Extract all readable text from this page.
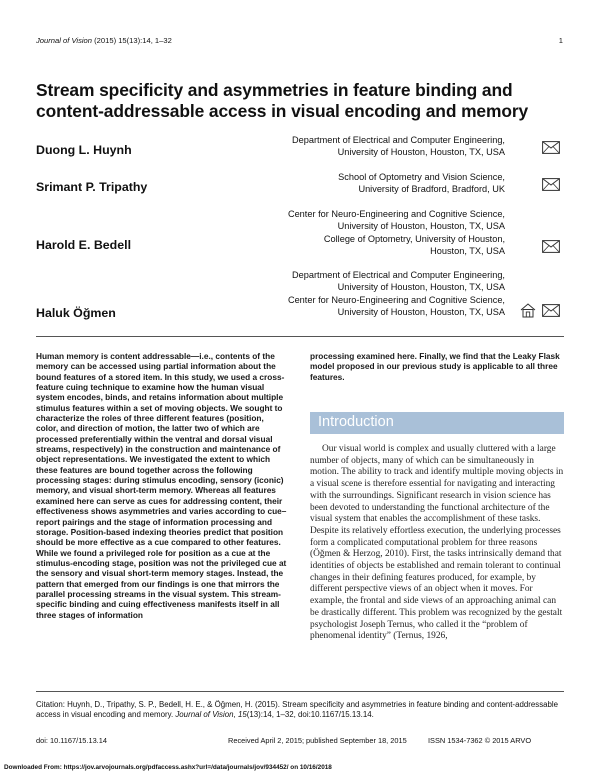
Journal of Vision (2015) 15(13):14, 1–32	1
Stream specificity and asymmetries in feature binding and
content-addressable access in visual encoding and memory
Duong L. Huynh
Department of Electrical and Computer Engineering,
University of Houston, Houston, TX, USA
Srimant P. Tripathy
School of Optometry and Vision Science,
University of Bradford, Bradford, UK
Harold E. Bedell
Center for Neuro-Engineering and Cognitive Science,
University of Houston, Houston, TX, USA
College of Optometry, University of Houston,
Houston, TX, USA
Haluk Öğmen
Department of Electrical and Computer Engineering,
University of Houston, Houston, TX, USA
Center for Neuro-Engineering and Cognitive Science,
University of Houston, Houston, TX, USA
Human memory is content addressable—i.e., contents of the memory can be accessed using partial information about the bound features of a stored item. In this study, we used a cross-feature cuing technique to examine how the human visual system encodes, binds, and retains information about multiple stimulus features within a set of moving objects. We sought to characterize the roles of three different features (position, color, and direction of motion, the latter two of which are processed preferentially within the ventral and dorsal visual streams, respectively) in the construction and maintenance of object representations. We investigated the extent to which these features are bound together across the following processing stages: during stimulus encoding, sensory (iconic) memory, and visual short-term memory. Whereas all features examined here can serve as cues for addressing content, their effectiveness shows asymmetries and varies according to cue–report pairings and the stage of information processing and storage. Position-based indexing theories predict that position should be more effective as a cue compared to other features. While we found a privileged role for position as a cue at the stimulus-encoding stage, position was not the privileged cue at the sensory and visual short-term memory stages. Instead, the pattern that emerged from our findings is one that mirrors the parallel processing streams in the visual system. This stream-specific binding and cuing effectiveness manifests itself in all three stages of information
processing examined here. Finally, we find that the Leaky Flask model proposed in our previous study is applicable to all three features.
Introduction

Our visual world is complex and usually cluttered with a large number of objects, many of which can be simultaneously in motion. The ability to track and identify multiple moving objects in a visual scene is therefore essential for navigating and interacting with the surroundings. Significant research in vision science has been devoted to understanding the functional architecture of the visual system that enables the accomplishment of these tasks. Despite its relatively effortless execution, the underlying processes form a complicated computational problem for three reasons (Öğmen & Herzog, 2010). First, the tasks intrinsically demand that identities of objects be established and remain tolerant to continual changes in their defining features produced, for example, by different perspective views of an object when it moves. For example, the frontal and side views of an approaching animal can be drastically different. This problem was recognized by the gestalt psychologist Joseph Ternus, who called it the “problem of phenomenal identity” (Ternus, 1926,

Citation: Huynh, D., Tripathy, S. P., Bedell, H. E., & Öğmen, H. (2015). Stream specificity and asymmetries in feature binding and content-addressable access in visual encoding and memory. Journal of Vision, 15(13):14, 1–32, doi:10.1167/15.13.14.
doi: 10.1167/15.13.14	Received April 2, 2015; published September 18, 2015	ISSN 1534-7362 © 2015 ARVO
Downloaded From: https://jov.arvojournals.org/pdfaccess.ashx?url=/data/journals/jov/934452/ on 10/16/2018
